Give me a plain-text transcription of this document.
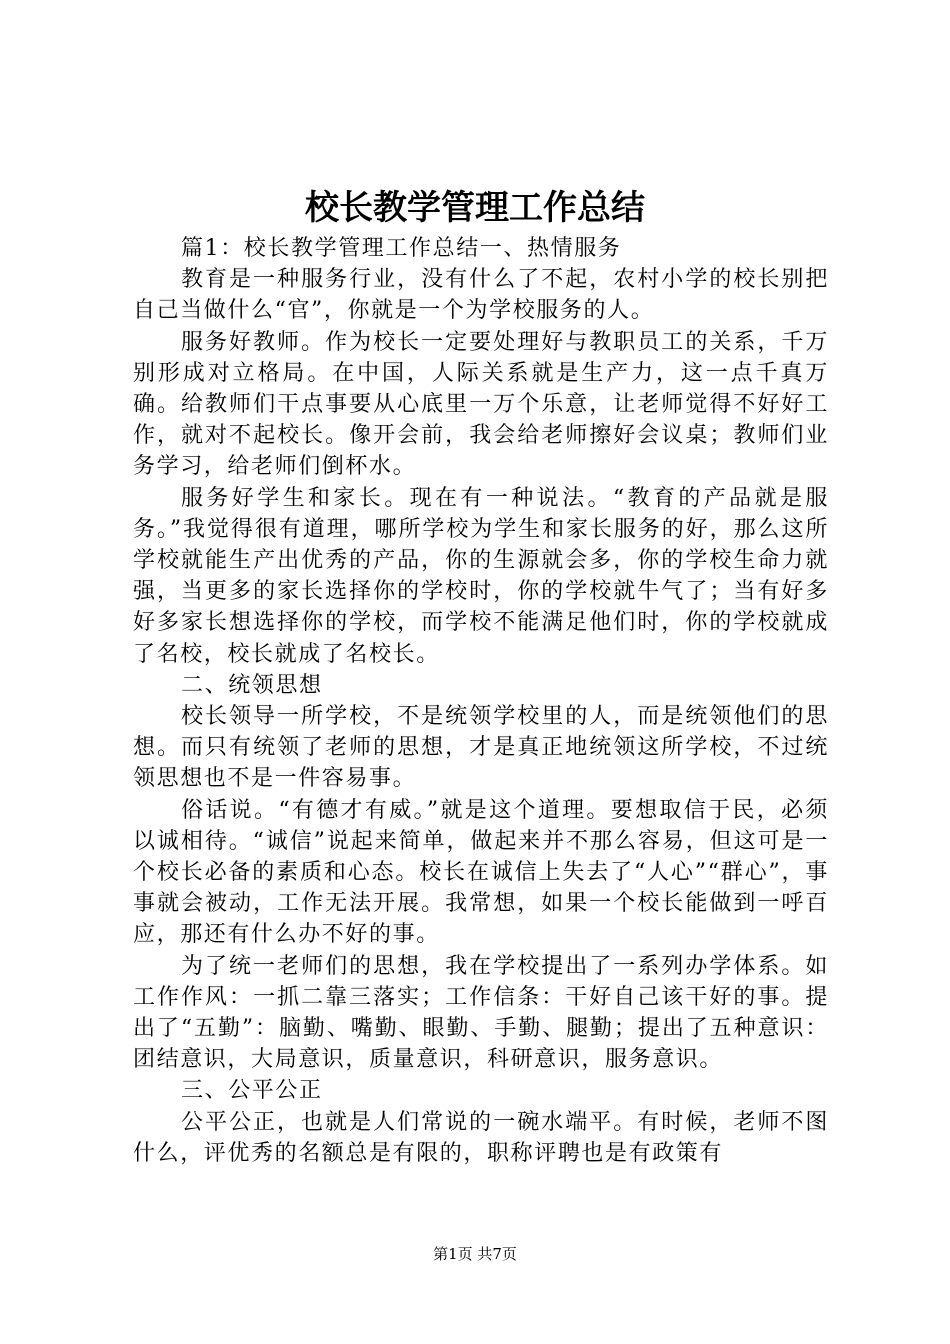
校长教学管理工作总结

篇1：校长教学管理工作总结一、热情服务

教育是一种服务行业，没有什么了不起，农村小学的校长别把自己当做什么“官”，你就是一个为学校服务的人。

服务好教师。作为校长一定要处理好与教职员工的关系，千万别形成对立格局。在中国，人际关系就是生产力，这一点千真万确。给教师们干点事要从心底里一万个乐意，让老师觉得不好好工作，就对不起校长。像开会前，我会给老师擦好会议桌；教师们业务学习，给老师们倒杯水。

服务好学生和家长。现在有一种说法。“教育的产品就是服务。”我觉得很有道理，哪所学校为学生和家长服务的好，那么这所学校就能生产出优秀的产品，你的生源就会多，你的学校生命力就强，当更多的家长选择你的学校时，你的学校就牛气了；当有好多好多家长想选择你的学校，而学校不能满足他们时，你的学校就成了名校，校长就成了名校长。

二、统领思想

校长领导一所学校，不是统领学校里的人，而是统领他们的思想。而只有统领了老师的思想，才是真正地统领这所学校，不过统领思想也不是一件容易事。

俗话说。“有德才有威。”就是这个道理。要想取信于民，必须以诚相待。“诚信”说起来简单，做起来并不那么容易，但这可是一个校长必备的素质和心态。校长在诚信上失去了“人心”“群心”，事事就会被动，工作无法开展。我常想，如果一个校长能做到一呼百应，那还有什么办不好的事。

为了统一老师们的思想，我在学校提出了一系列办学体系。如工作作风：一抓二靠三落实；工作信条：干好自己该干好的事。提出了“五勤”：脑勤、嘴勤、眼勤、手勤、腿勤；提出了五种意识：团结意识，大局意识，质量意识，科研意识，服务意识。

三、公平公正

公平公正，也就是人们常说的一碗水端平。有时候，老师不图什么，评优秀的名额总是有限的，职称评聘也是有政策有

第1页 共7页
